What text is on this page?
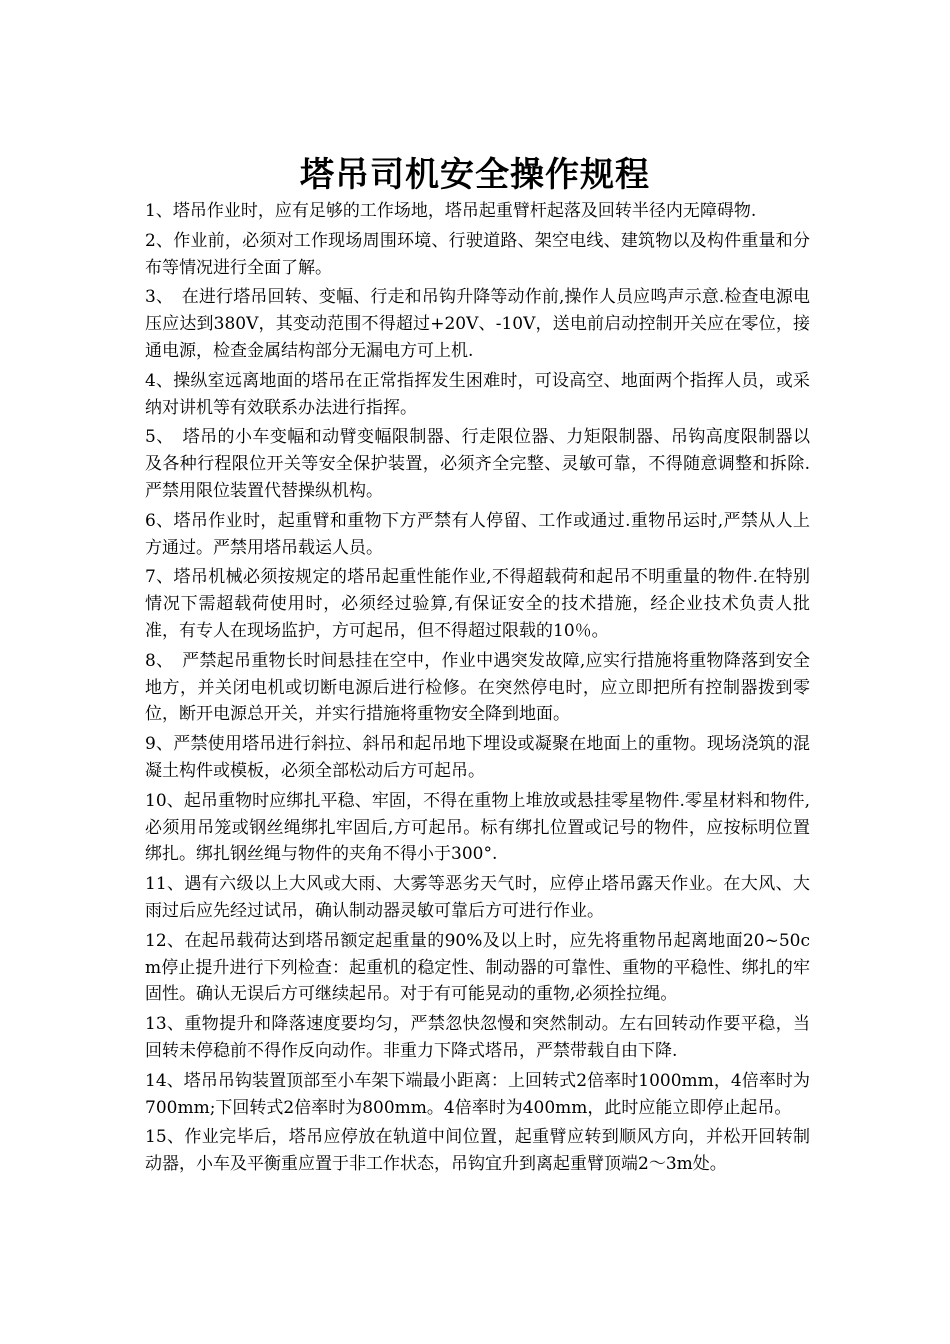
塔吊司机安全操作规程

1、塔吊作业时，应有足够的工作场地，塔吊起重臂杆起落及回转半径内无障碍物.

2、作业前，必须对工作现场周围环境、行驶道路、架空电线、建筑物以及构件重量和分布等情况进行全面了解。

3、　在进行塔吊回转、变幅、行走和吊钩升降等动作前,操作人员应鸣声示意.检查电源电压应达到380V，其变动范围不得超过+20V、-10V，送电前启动控制开关应在零位，接通电源，检查金属结构部分无漏电方可上机.

4、操纵室远离地面的塔吊在正常指挥发生困难时，可设高空、地面两个指挥人员，或采纳对讲机等有效联系办法进行指挥。

5、　塔吊的小车变幅和动臂变幅限制器、行走限位器、力矩限制器、吊钩高度限制器以及各种行程限位开关等安全保护装置，必须齐全完整、灵敏可靠，不得随意调整和拆除.严禁用限位装置代替操纵机构。

6、塔吊作业时，起重臂和重物下方严禁有人停留、工作或通过.重物吊运时,严禁从人上方通过。严禁用塔吊载运人员。

7、塔吊机械必须按规定的塔吊起重性能作业,不得超载荷和起吊不明重量的物件.在特别情况下需超载荷使用时，必须经过验算,有保证安全的技术措施，经企业技术负责人批准，有专人在现场监护，方可起吊，但不得超过限载的10％。

8、　严禁起吊重物长时间悬挂在空中，作业中遇突发故障,应实行措施将重物降落到安全地方，并关闭电机或切断电源后进行检修。在突然停电时，应立即把所有控制器拨到零位，断开电源总开关，并实行措施将重物安全降到地面。

9、严禁使用塔吊进行斜拉、斜吊和起吊地下埋设或凝聚在地面上的重物。现场浇筑的混凝土构件或模板，必须全部松动后方可起吊。

10、起吊重物时应绑扎平稳、牢固，不得在重物上堆放或悬挂零星物件.零星材料和物件,必须用吊笼或钢丝绳绑扎牢固后,方可起吊。标有绑扎位置或记号的物件，应按标明位置绑扎。绑扎钢丝绳与物件的夹角不得小于300°.

11、遇有六级以上大风或大雨、大雾等恶劣天气时，应停止塔吊露天作业。在大风、大雨过后应先经过试吊，确认制动器灵敏可靠后方可进行作业。

12、在起吊载荷达到塔吊额定起重量的90%及以上时，应先将重物吊起离地面20~50cm停止提升进行下列检查：起重机的稳定性、制动器的可靠性、重物的平稳性、绑扎的牢固性。确认无误后方可继续起吊。对于有可能晃动的重物,必须拴拉绳。

13、重物提升和降落速度要均匀，严禁忽快忽慢和突然制动。左右回转动作要平稳，当回转未停稳前不得作反向动作。非重力下降式塔吊，严禁带载自由下降.

14、塔吊吊钩装置顶部至小车架下端最小距离：上回转式2倍率时1000mm，4倍率时为700mm;下回转式2倍率时为800mm。4倍率时为400mm，此时应能立即停止起吊。

15、作业完毕后，塔吊应停放在轨道中间位置，起重臂应转到顺风方向，并松开回转制动器，小车及平衡重应置于非工作状态，吊钩宜升到离起重臂顶端2～3m处。
